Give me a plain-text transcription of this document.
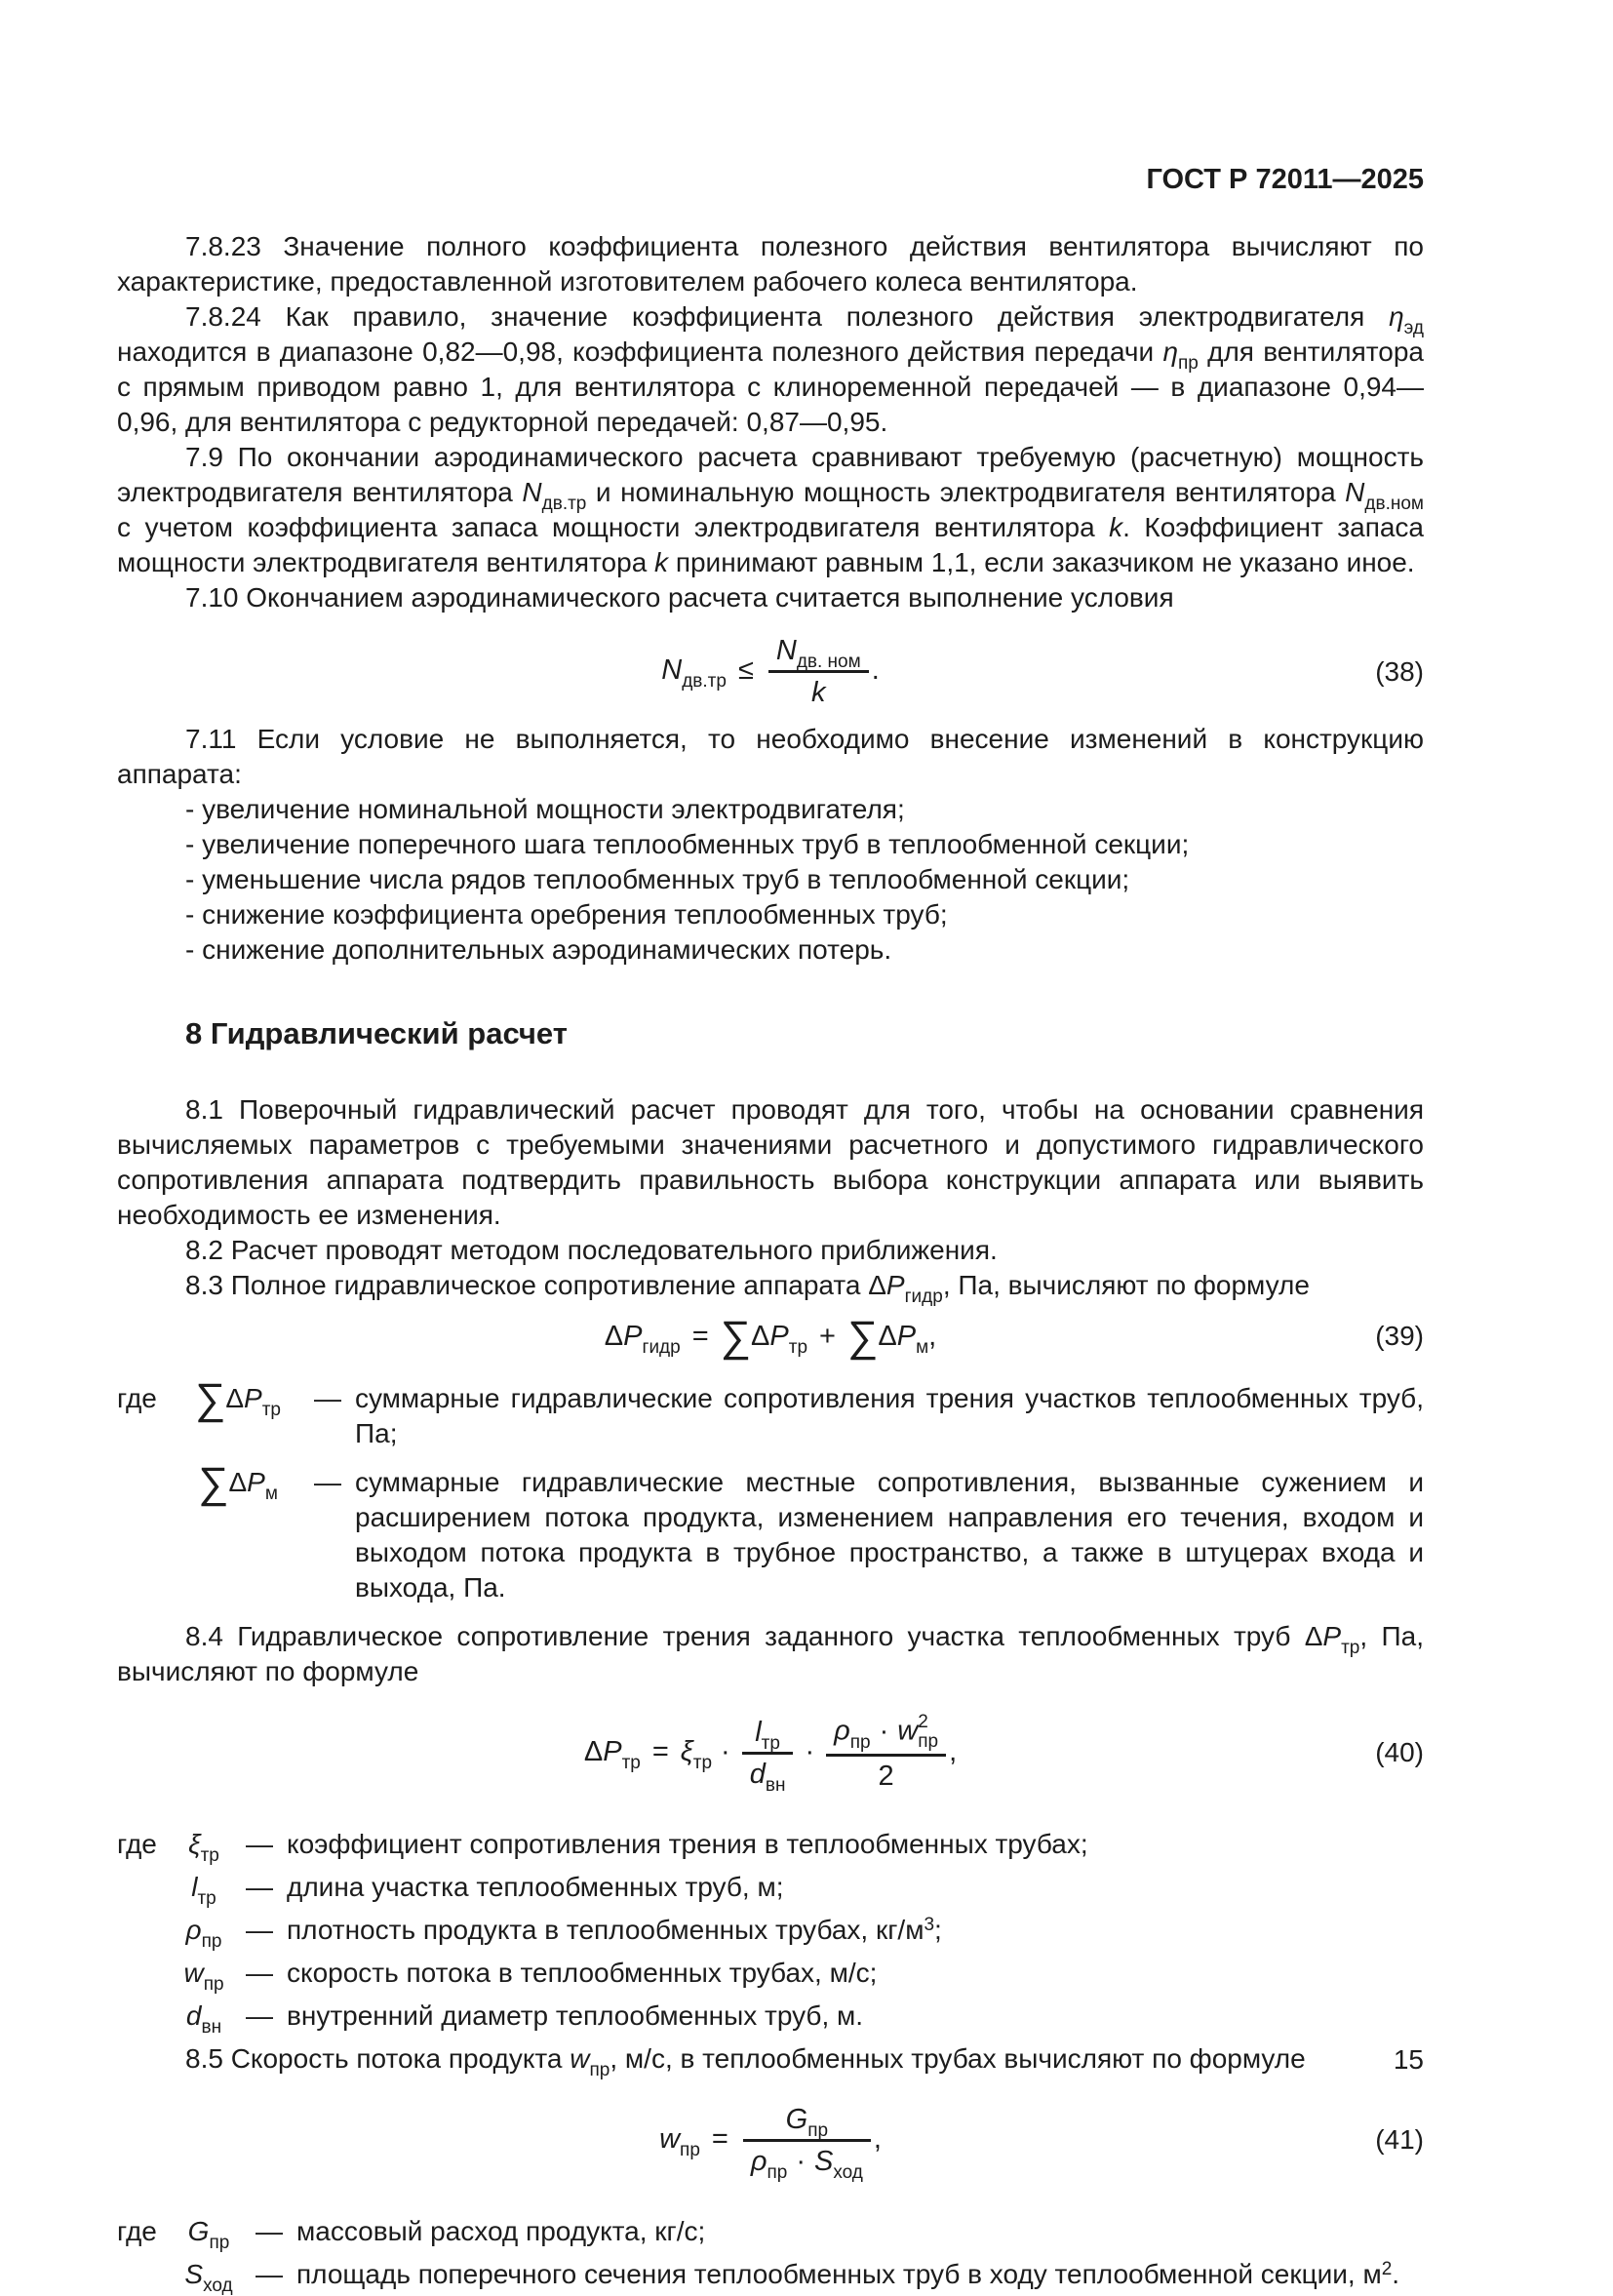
ГОСТ Р 72011—2025

7.8.23 Значение полного коэффициента полезного действия вентилятора вычисляют по характеристике, предоставленной изготовителем рабочего колеса вентилятора.

7.8.24 Как правило, значение коэффициента полезного действия электродвигателя $\eta_{эд}$ находится в диапазоне 0,82—0,98, коэффициента полезного действия передачи $\eta_{пр}$ для вентилятора с прямым приводом равно 1, для вентилятора с клиноременной передачей — в диапазоне 0,94—0,96, для вентилятора с редукторной передачей: 0,87—0,95.

7.9 По окончании аэродинамического расчета сравнивают требуемую (расчетную) мощность электродвигателя вентилятора $N_{дв.тр}$ и номинальную мощность электродвигателя вентилятора $N_{дв.ном}$ с учетом коэффициента запаса мощности электродвигателя вентилятора k. Коэффициент запаса мощности электродвигателя вентилятора k принимают равным 1,1, если заказчиком не указано иное.

7.10 Окончанием аэродинамического расчета считается выполнение условия

$N_{дв.тр} \le \frac{N_{дв. ном}}{k}$ .	(38)

7.11 Если условие не выполняется, то необходимо внесение изменений в конструкцию аппарата:

- увеличение номинальной мощности электродвигателя;

- увеличение поперечного шага теплообменных труб в теплообменной секции;

- уменьшение числа рядов теплообменных труб в теплообменной секции;

- снижение коэффициента оребрения теплообменных труб;

- снижение дополнительных аэродинамических потерь.

8 Гидравлический расчет

8.1 Поверочный гидравлический расчет проводят для того, чтобы на основании сравнения вычисляемых параметров с требуемыми значениями расчетного и допустимого гидравлического сопротивления аппарата подтвердить правильность выбора конструкции аппарата или выявить необходимость ее изменения.

8.2 Расчет проводят методом последовательного приближения.

8.3 Полное гидравлическое сопротивление аппарата $\Delta P_{гидр}$, Па, вычисляют по формуле

$\Delta P_{гидр} = \sum\Delta P_{тр} + \sum\Delta P_м$,	(39)
где $\sum\Delta P_{тр}$	— суммарные гидравлические сопротивления трения участков теплообменных труб, Па;
$\sum\Delta P_м$	— суммарные гидравлические местные сопротивления, вызванные сужением и расширением потока продукта, изменением направления его течения, входом и выходом потока продукта в трубное пространство, а также в штуцерах входа и выхода, Па.

8.4 Гидравлическое сопротивление трения заданного участка теплообменных труб $\Delta P_{тр}$, Па, вычисляют по формуле

$\Delta P_{тр} = \xi_{тр} \cdot \frac{l_{тр}}{d_{вн}} \cdot \rho_{пр} \cdot w$ 2
пр
2 ,	(40)
где	$\xi_{тр}$ — коэффициент сопротивления трения в теплообменных трубах;
$l_{тр}$	— длина участка теплообменных труб, м;
$\rho_{пр}$ — плотность продукта в теплообменных трубах, $кг/м^3$;
$w_{пр}$ — скорость потока в теплообменных трубах, м/с;
$d_{вн}$ — внутренний диаметр теплообменных труб, м.

8.5 Скорость потока продукта $w_{пр}$, м/с, в теплообменных трубах вычисляют по формуле

$w_{пр} = \frac{G_{пр}}{\rho_{пр} \cdot S_{ход}}$ ,	(41)
где	$G_{пр}$ — массовый расход продукта, кг/с;
$S_{ход}$ — площадь поперечного сечения теплообменных труб в ходу теплообменной секции, $м^2$.
15
